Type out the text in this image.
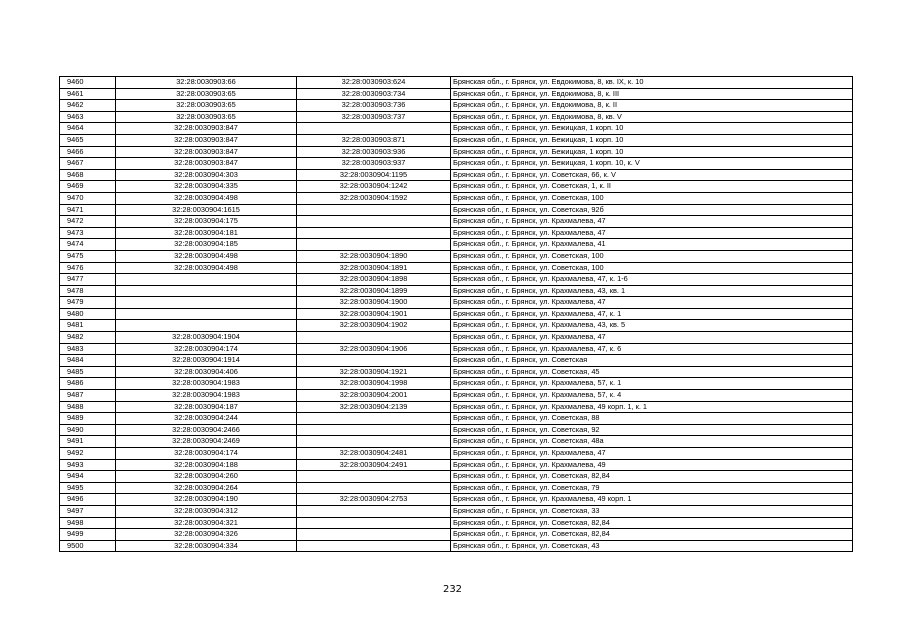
9460	32:28:0030903:66	32:28:0030903:624	Брянская обл., г. Брянск, ул. Евдокимова, 8, кв. IX, к. 10
9461	32:28:0030903:65	32:28:0030903:734	Брянская обл., г. Брянск, ул. Евдокимова, 8, к. III
9462	32:28:0030903:65	32:28:0030903:736	Брянская обл., г. Брянск, ул. Евдокимова, 8, к. II
9463	32:28:0030903:65	32:28:0030903:737	Брянская обл., г. Брянск, ул. Евдокимова, 8, кв. V
9464	32:28:0030903:847		Брянская обл., г. Брянск, ул. Бежицкая, 1 корп. 10
9465	32:28:0030903:847	32:28:0030903:871	Брянская обл., г. Брянск, ул. Бежицкая, 1 корп. 10
9466	32:28:0030903:847	32:28:0030903:936	Брянская обл., г. Брянск, ул. Бежицкая, 1 корп. 10
9467	32:28:0030903:847	32:28:0030903:937	Брянская обл., г. Брянск, ул. Бежицкая, 1 корп. 10, к. V
9468	32:28:0030904:303	32:28:0030904:1195	Брянская обл., г. Брянск, ул. Советская, 66, к. V
9469	32:28:0030904:335	32:28:0030904:1242	Брянская обл., г. Брянск, ул. Советская, 1, к. II
9470	32:28:0030904:498	32:28:0030904:1592	Брянская обл., г. Брянск, ул. Советская, 100
9471	32:28:0030904:1615		Брянская обл., г. Брянск, ул. Советская, 92б
9472	32:28:0030904:175		Брянская обл., г. Брянск, ул. Крахмалева, 47
9473	32:28:0030904:181		Брянская обл., г. Брянск, ул. Крахмалева, 47
9474	32:28:0030904:185		Брянская обл., г. Брянск, ул. Крахмалева, 41
9475	32:28:0030904:498	32:28:0030904:1890	Брянская обл., г. Брянск, ул. Советская, 100
9476	32:28:0030904:498	32:28:0030904:1891	Брянская обл., г. Брянск, ул. Советская, 100
9477		32:28:0030904:1898	Брянская обл., г. Брянск, ул. Крахмалева, 47, к. 1-6
9478		32:28:0030904:1899	Брянская обл., г. Брянск, ул. Крахмалева, 43, кв. 1
9479		32:28:0030904:1900	Брянская обл., г. Брянск, ул. Крахмалева, 47
9480		32:28:0030904:1901	Брянская обл., г. Брянск, ул. Крахмалева, 47, к. 1
9481		32:28:0030904:1902	Брянская обл., г. Брянск, ул. Крахмалева, 43, кв. 5
9482	32:28:0030904:1904		Брянская обл., г. Брянск, ул. Крахмалева, 47
9483	32:28:0030904:174	32:28:0030904:1906	Брянская обл., г. Брянск, ул. Крахмалева, 47, к. 6
9484	32:28:0030904:1914		Брянская обл., г. Брянск, ул. Советская
9485	32:28:0030904:406	32:28:0030904:1921	Брянская обл., г. Брянск, ул. Советская, 45
9486	32:28:0030904:1983	32:28:0030904:1998	Брянская обл., г. Брянск, ул. Крахмалева, 57, к. 1
9487	32:28:0030904:1983	32:28:0030904:2001	Брянская обл., г. Брянск, ул. Крахмалева, 57, к. 4
9488	32:28:0030904:187	32:28:0030904:2139	Брянская обл., г. Брянск, ул. Крахмалева, 49 корп. 1, к. 1
9489	32:28:0030904:244		Брянская обл., г. Брянск, ул. Советская, 88
9490	32:28:0030904:2466		Брянская обл., г. Брянск, ул. Советская, 92
9491	32:28:0030904:2469		Брянская обл., г. Брянск, ул. Советская, 48а
9492	32:28:0030904:174	32:28:0030904:2481	Брянская обл., г. Брянск, ул. Крахмалева, 47
9493	32:28:0030904:188	32:28:0030904:2491	Брянская обл., г. Брянск, ул. Крахмалева, 49
9494	32:28:0030904:260		Брянская обл., г. Брянск, ул. Советская, 82,84
9495	32:28:0030904:264		Брянская обл., г. Брянск, ул. Советская, 79
9496	32:28:0030904:190	32:28:0030904:2753	Брянская обл., г. Брянск, ул. Крахмалева, 49 корп. 1
9497	32:28:0030904:312		Брянская обл., г. Брянск, ул. Советская, 33
9498	32:28:0030904:321		Брянская обл., г. Брянск, ул. Советская, 82,84
9499	32:28:0030904:326		Брянская обл., г. Брянск, ул. Советская, 82,84
9500	32:28:0030904:334		Брянская обл., г. Брянск, ул. Советская, 43
232
